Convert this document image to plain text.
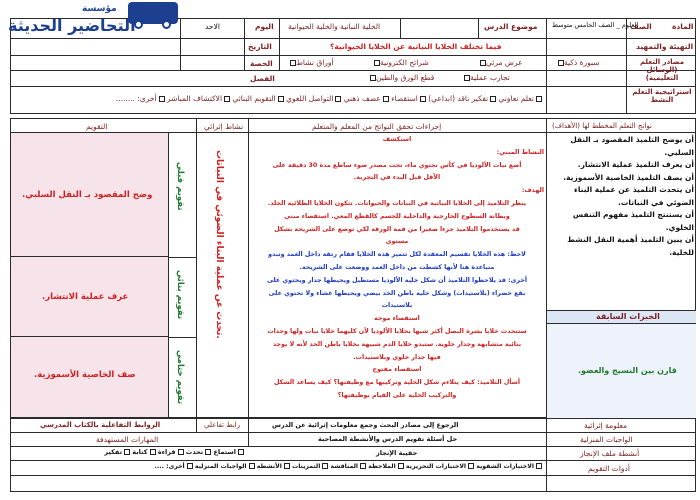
مؤسسة
التحاضير الحديثة	المادة
الصف
العلوم _ الصف الخامس متوسط
موضوع الدرس
الخلية النباتية والخلية الحيوانية
اليوم
الاحد
التهيئة والتمهيد
فيما تختلف الخلايا النباتية عن الخلايا الحيوانية؟
التاريخ
مصادر التعلم (الوسائل التعليمية)
الحصة
الفصل
سبورة ذكية
عرض مرئي
شرائح الكترونية
أوراق نشاط
تجارب عملية
قطع الورق والطين
استراتيجية التعلم النشط
تعلم تعاوني تفكير ناقد (ابداعي) استقصاء عصف ذهني التواصل اللغوي التقويم البنائي الاكتشاف المباشر أخرى: ........
نواتج التعلم المخطط لها (الأهداف)
إجراءات تحقق النواتج من المعلم والمتعلم
نشاط إثرائي
التقويم
أن يوضح التلميذ المقصود بـ النقل السلبي.
أن يعرف التلميذ عملية الانتشار.
أن يصف التلميذ الخاصية الأسموزية.
أن يتحدث التلميذ عن عملية البناء الضوئي في النباتات.
أن يستنتج التلميذ مفهوم التنفس الخلوي.
أن يبين التلميذ أهمية النقل النشط للخلية.
الخبرات السابقة
قارن بين النسيج والعضو.
استكشف
النشاط المبني:
أضع نبات الألوديا في كأس تحتوي ماء، تحت مصدر ضوء ساطع مدة 30 دقيقة على
الأقل قبل البدء في التجربة.
الهدف:
ينظر التلاميذ إلى الخلايا النباتية في النباتات والحيوانات. تتكون الخلايا الطلائية الجلد.
وبطانة السطوح الخارجية والداخلية للجسم كالقطع المعي. استقصاء مبني
قد يستخدموا التلاميذ جزءا صغيرا من قمة الورقة لكي توضع على الشريحة بشكل
مستوي
لاحظ: هذه الخلايا تقسيم المعقدة لكل تتميز هذه الخلايا فقام رتقة داخل الغمد وتبدو
متباعدة هنا لأنها كشطت من داخل الغمد ووضعت على الشريحة.
أخرى: قد يلاحظوا التلاميذ أن شكل خلية الألوديا مستطيل ويحيطها جدار ويحتوي على
بقع خضراء (بلاستيدات) وشكل خلية باطن الخد بيضي ويحيطها غشاء ولا تحتوي على
بلاستيدات
استقصاء موجه
ستتحدث خلايا بشرة البصل أكثر شبها بخلايا الألوديا لأن كليهما خلايا نبات ولها وحدات
بنائية متشابهة وجدار خلوية. ستبدو خلايا الدم شبيهة بخلايا باطن الخد لأنه لا يوجد
فيها جدار خلوي وبلاستيدات.
استقصاء مفتوح
أسأل التلاميذ: كيف يتلاءم شكل الخلية وتركيبها مع وظيفتها؟ كيف يساعد الشكل
والتركيب الخلية على القيام بوظيفتها؟
تحدث عن عملية البناء الضوئي في النباتات.
تقويم قبلي
تقويم بنائي
تقويم ختامي
وضح المقصود بـ النقل السلبي.
عرف عملية الانتشار.
صف الخاصية الأسموزية.
معلومة إثرائية
الرجوع إلى مصادر البحث وجمع معلومات إثرائية عن الدرس
رابط تفاعلي
الروابط التفاعلية بالكتاب المدرسي
الواجبات المنزلية
حل أسئلة تقويم الدرس والأنشطة المصاحبة
المهارات المستهدفة
أنشطة ملف الإنجاز
حقيبة الإنجاز
استماع تحدث قراءة كتابة تفكير
أدوات التقويم
الاختبارات الشفوية الاختبارات التحريرية الملاحظة المناقشة التمرينات الأنشطة الواجبات المنزلية أخرى: ....
